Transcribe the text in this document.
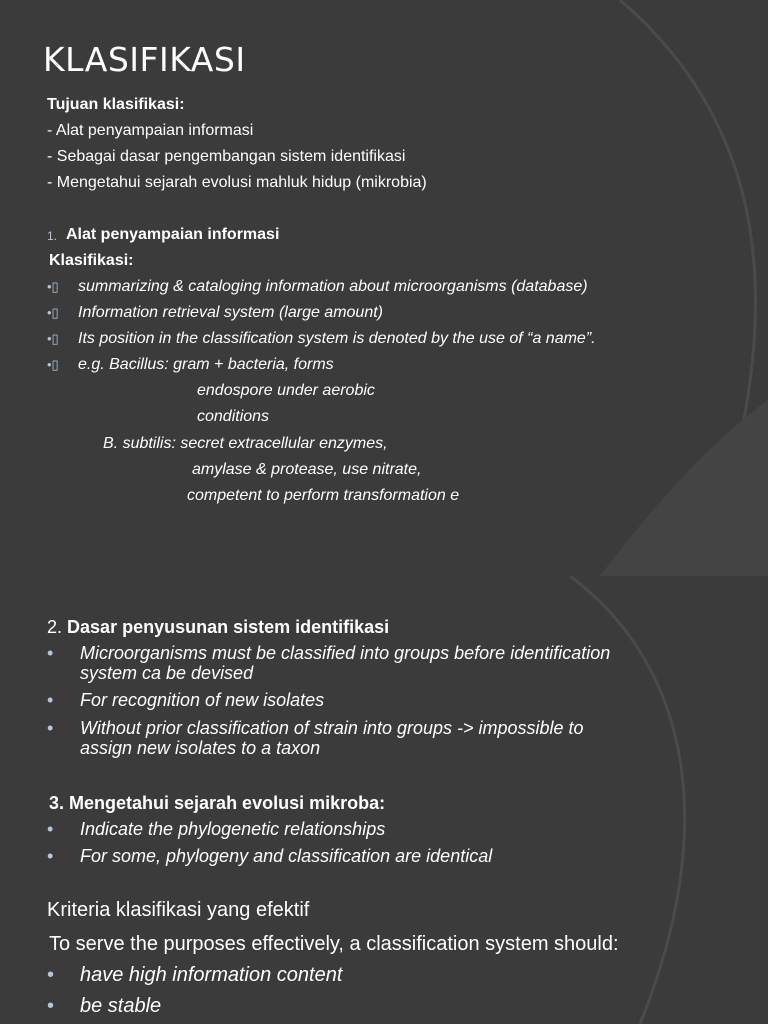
KLASIFIKASI
Tujuan klasifikasi:
- Alat penyampaian informasi
- Sebagai dasar pengembangan sistem identifikasi
- Mengetahui sejarah evolusi mahluk hidup (mikrobia)
1. Alat penyampaian informasi
Klasifikasi:
•▯ summarizing & cataloging information about microorganisms (database)
•▯ Information retrieval system (large amount)
•▯ Its position in the classification system is denoted by the use of “a name”.
•▯ e.g. Bacillus: gram + bacteria, forms
endospore under aerobic
conditions
B. subtilis: secret extracellular enzymes,
amylase & protease, use nitrate,
competent to perform transformation e
2. Dasar penyusunan sistem identifikasi
• Microorganisms must be classified into groups before identification
system ca be devised
• For recognition of new isolates
• Without prior classification of strain into groups -> impossible to
assign new isolates to a taxon
3. Mengetahui sejarah evolusi mikroba:
• Indicate the phylogenetic relationships
• For some, phylogeny and classification are identical
Kriteria klasifikasi yang efektif
To serve the purposes effectively, a classification system should:
• have high information content
• be stable
